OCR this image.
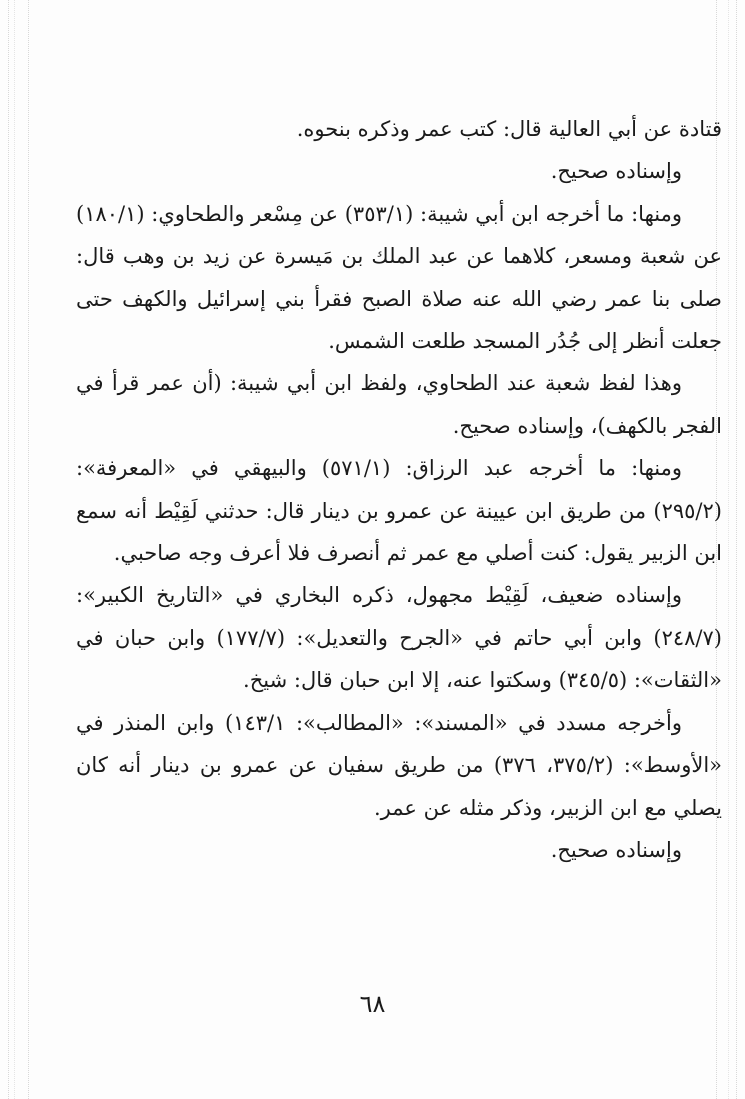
قتادة عن أبي العالية قال: كتب عمر وذكره بنحوه.

وإسناده صحيح.

ومنها: ما أخرجه ابن أبي شيبة: (٣٥٣/١) عن مِسْعر والطحاوي: (١٨٠/١) عن شعبة ومسعر، كلاهما عن عبد الملك بن مَيسرة عن زيد بن وهب قال: صلى بنا عمر رضي الله عنه صلاة الصبح فقرأ بني إسرائيل والكهف حتى جعلت أنظر إلى جُدُر المسجد طلعت الشمس.

وهذا لفظ شعبة عند الطحاوي، ولفظ ابن أبي شيبة: (أن عمر قرأ في الفجر بالكهف)، وإسناده صحيح.

ومنها: ما أخرجه عبد الرزاق: (٥٧١/١) والبيهقي في «المعرفة»: (٢٩٥/٢) من طريق ابن عيينة عن عمرو بن دينار قال: حدثني لَقِيْط أنه سمع ابن الزبير يقول: كنت أصلي مع عمر ثم أنصرف فلا أعرف وجه صاحبي.

وإسناده ضعيف، لَقِيْط مجهول، ذكره البخاري في «التاريخ الكبير»: (٢٤٨/٧) وابن أبي حاتم في «الجرح والتعديل»: (١٧٧/٧) وابن حبان في «الثقات»: (٣٤٥/٥) وسكتوا عنه، إلا ابن حبان قال: شيخ.

وأخرجه مسدد في «المسند»: «المطالب»: ١٤٣/١) وابن المنذر في «الأوسط»: (٣٧٥/٢، ٣٧٦) من طريق سفيان عن عمرو بن دينار أنه كان يصلي مع ابن الزبير، وذكر مثله عن عمر.

وإسناده صحيح.

٦٨
